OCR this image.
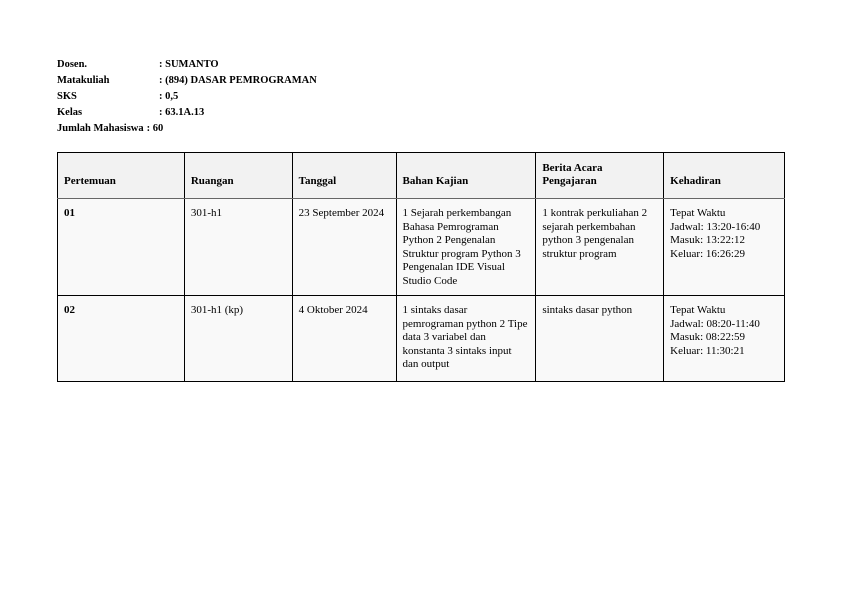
Dosen.	: SUMANTO
Matakuliah	: (894) DASAR PEMROGRAMAN
SKS	: 0,5
Kelas	: 63.1A.13
Jumlah Mahasiswa : 60
Pertemuan	Ruangan	Tanggal	Bahan Kajian	Berita Acara Pengajaran	Kehadiran
01	301-h1	23 September 2024	1 Sejarah perkembangan Bahasa Pemrograman Python 2 Pengenalan Struktur program Python 3 Pengenalan IDE Visual Studio Code	1 kontrak perkuliahan 2 sejarah perkembahan python 3 pengenalan struktur program	Tepat Waktu
Jadwal: 13:20-16:40
Masuk: 13:22:12
Keluar: 16:26:29

02	301-h1 (kp)	4 Oktober 2024	1 sintaks dasar pemrograman python 2 Tipe data 3 variabel dan konstanta 3 sintaks input dan output	sintaks dasar python	Tepat Waktu
Jadwal: 08:20-11:40
Masuk: 08:22:59
Keluar: 11:30:21
